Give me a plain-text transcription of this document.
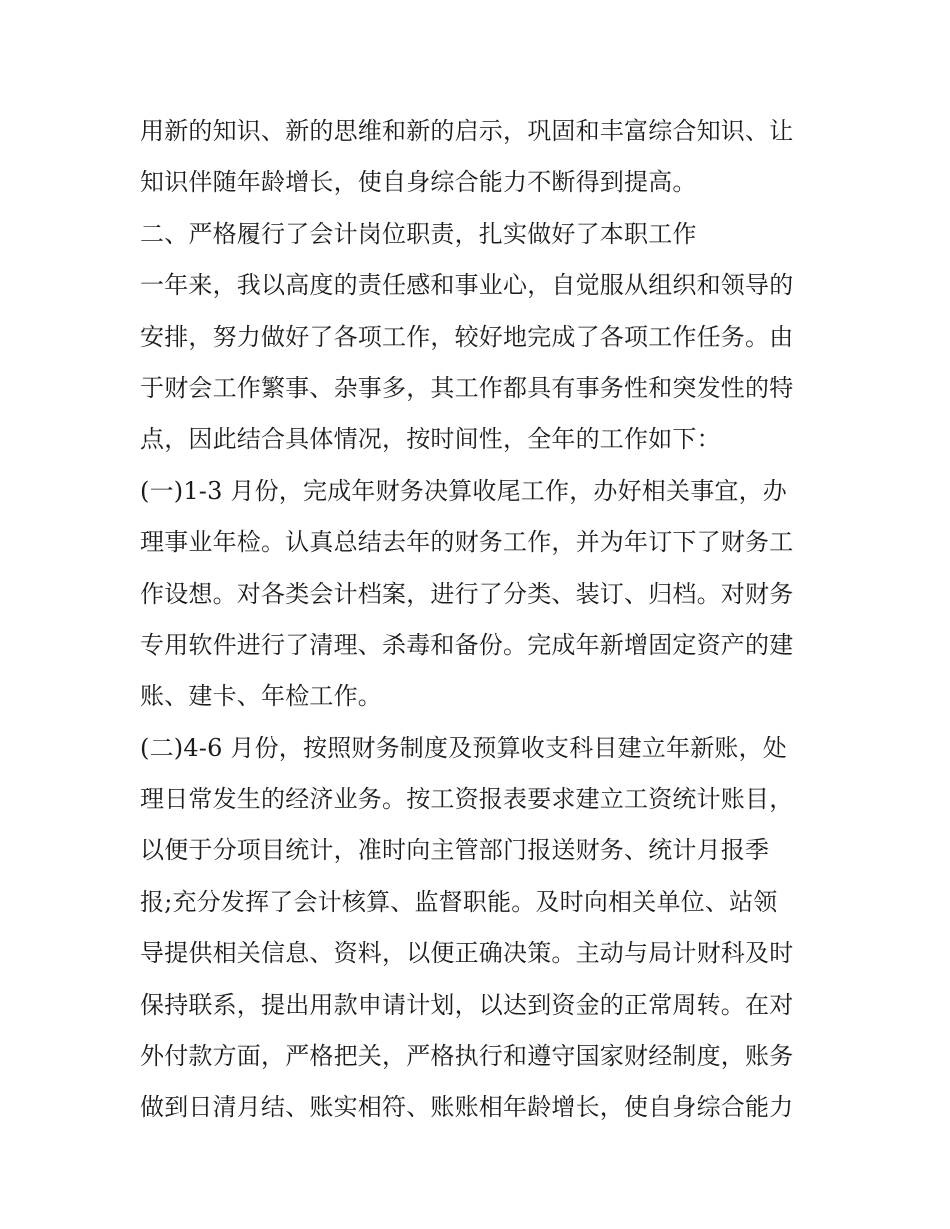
用新的知识、新的思维和新的启示，巩固和丰富综合知识、让
知识伴随年龄增长，使自身综合能力不断得到提高。
二、严格履行了会计岗位职责，扎实做好了本职工作
一年来，我以高度的责任感和事业心，自觉服从组织和领导的
安排，努力做好了各项工作，较好地完成了各项工作任务。由
于财会工作繁事、杂事多，其工作都具有事务性和突发性的特
点，因此结合具体情况，按时间性，全年的工作如下：
(一)1-3 月份，完成年财务决算收尾工作，办好相关事宜，办
理事业年检。认真总结去年的财务工作，并为年订下了财务工
作设想。对各类会计档案，进行了分类、装订、归档。对财务
专用软件进行了清理、杀毒和备份。完成年新增固定资产的建
账、建卡、年检工作。
(二)4-6 月份，按照财务制度及预算收支科目建立年新账，处
理日常发生的经济业务。按工资报表要求建立工资统计账目，
以便于分项目统计，准时向主管部门报送财务、统计月报季
报;充分发挥了会计核算、监督职能。及时向相关单位、站领
导提供相关信息、资料，以便正确决策。主动与局计财科及时
保持联系，提出用款申请计划，以达到资金的正常周转。在对
外付款方面，严格把关，严格执行和遵守国家财经制度，账务
做到日清月结、账实相符、账账相年龄增长，使自身综合能力
